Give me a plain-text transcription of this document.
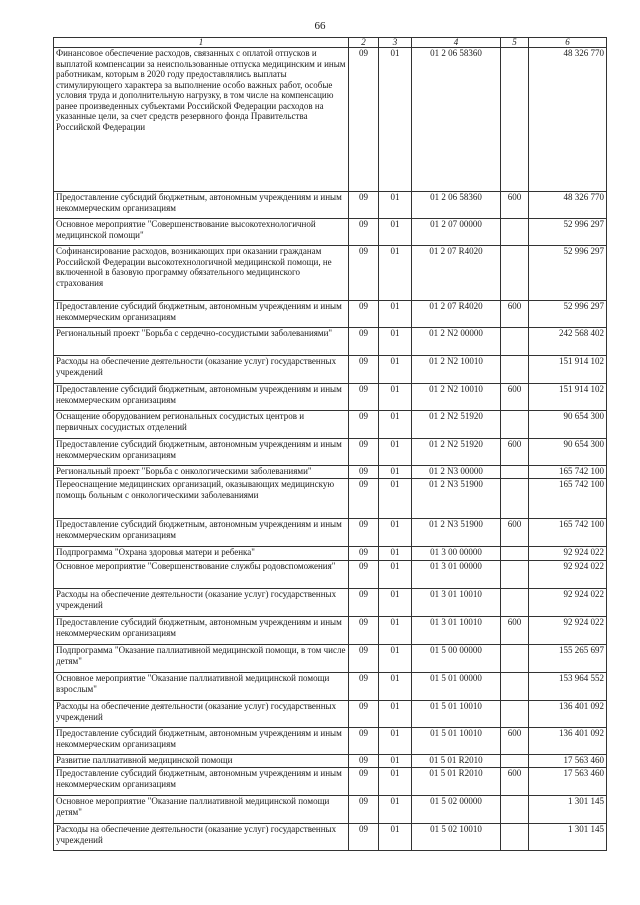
66
1	2	3	4	5	6
Финансовое обеспечение расходов, связанных с оплатой отпусков и выплатой компенсации за неиспользованные отпуска медицинским и иным работникам, которым в 2020 году предоставлялись выплаты стимулирующего характера за выполнение особо важных работ, особые условия труда и дополнительную нагрузку, в том числе на компенсацию ранее произведенных субъектами Российской Федерации расходов на указанные цели, за счет средств резервного фонда Правительства Российской Федерации	09	01	01 2 06 58360		48 326 770
Предоставление субсидий бюджетным, автономным учреждениям и иным некоммерческим организациям	09	01	01 2 06 58360	600	48 326 770
Основное мероприятие "Совершенствование высокотехнологичной медицинской помощи"	09	01	01 2 07 00000		52 996 297
Софинансирование расходов, возникающих при оказании гражданам Российской Федерации высокотехнологичной медицинской помощи, не включенной в базовую программу обязательного медицинского страхования	09	01	01 2 07 R4020		52 996 297
Предоставление субсидий бюджетным, автономным учреждениям и иным некоммерческим организациям	09	01	01 2 07 R4020	600	52 996 297
Региональный проект "Борьба с сердечно-сосудистыми заболеваниями"	09	01	01 2 N2 00000		242 568 402
Расходы на обеспечение деятельности (оказание услуг) государственных учреждений	09	01	01 2 N2 10010		151 914 102
Предоставление субсидий бюджетным, автономным учреждениям и иным некоммерческим организациям	09	01	01 2 N2 10010	600	151 914 102
Оснащение оборудованием региональных сосудистых центров и первичных сосудистых отделений	09	01	01 2 N2 51920		90 654 300
Предоставление субсидий бюджетным, автономным учреждениям и иным некоммерческим организациям	09	01	01 2 N2 51920	600	90 654 300
Региональный проект "Борьба с онкологическими заболеваниями"	09	01	01 2 N3 00000		165 742 100
Переоснащение медицинских организаций, оказывающих медицинскую помощь больным с онкологическими заболеваниями	09	01	01 2 N3 51900		165 742 100
Предоставление субсидий бюджетным, автономным учреждениям и иным некоммерческим организациям	09	01	01 2 N3 51900	600	165 742 100
Подпрограмма "Охрана здоровья матери и ребенка"	09	01	01 3 00 00000		92 924 022
Основное мероприятие "Совершенствование службы родовспоможения"	09	01	01 3 01 00000		92 924 022
Расходы на обеспечение деятельности (оказание услуг) государственных учреждений	09	01	01 3 01 10010		92 924 022
Предоставление субсидий бюджетным, автономным учреждениям и иным некоммерческим организациям	09	01	01 3 01 10010	600	92 924 022
Подпрограмма "Оказание паллиативной медицинской помощи, в том числе детям"	09	01	01 5 00 00000		155 265 697
Основное мероприятие "Оказание паллиативной медицинской помощи взрослым"	09	01	01 5 01 00000		153 964 552
Расходы на обеспечение деятельности (оказание услуг) государственных учреждений	09	01	01 5 01 10010		136 401 092
Предоставление субсидий бюджетным, автономным учреждениям и иным некоммерческим организациям	09	01	01 5 01 10010	600	136 401 092
Развитие паллиативной медицинской помощи	09	01	01 5 01 R2010		17 563 460
Предоставление субсидий бюджетным, автономным учреждениям и иным некоммерческим организациям	09	01	01 5 01 R2010	600	17 563 460
Основное мероприятие "Оказание паллиативной медицинской помощи детям"	09	01	01 5 02 00000		1 301 145
Расходы на обеспечение деятельности (оказание услуг) государственных учреждений	09	01	01 5 02 10010		1 301 145
